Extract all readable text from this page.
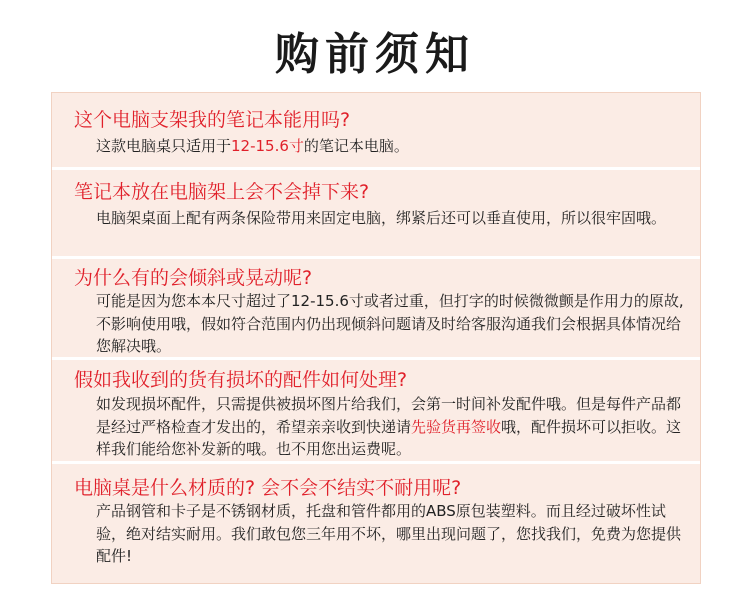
购前须知
这个电脑支架我的笔记本能用吗?
这款电脑桌只适用于12-15.6寸的笔记本电脑。
笔记本放在电脑架上会不会掉下来?
电脑架桌面上配有两条保险带用来固定电脑，绑紧后还可以垂直使用，所以很牢固哦。
为什么有的会倾斜或晃动呢?
可能是因为您本本尺寸超过了12-15.6寸或者过重，但打字的时候微微颤是作用力的原故,不影响使用哦，假如符合范围内仍出现倾斜问题请及时给客服沟通我们会根据具体情况给您解决哦。
假如我收到的货有损坏的配件如何处理?
如发现损坏配件，只需提供被损坏图片给我们，会第一时间补发配件哦。但是每件产品都是经过严格检查才发出的，希望亲亲收到快递请先验货再签收哦，配件损坏可以拒收。这样我们能给您补发新的哦。也不用您出运费呢。
电脑桌是什么材质的? 会不会不结实不耐用呢?
产品钢管和卡子是不锈钢材质，托盘和管件都用的ABS原包装塑料。而且经过破坏性试验，绝对结实耐用。我们敢包您三年用不坏，哪里出现问题了，您找我们，免费为您提供配件!
